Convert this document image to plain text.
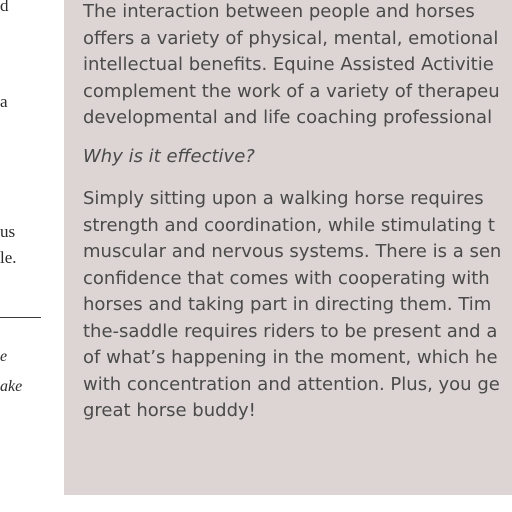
d
a
us
le.
e
ake

The interaction between people and horses

offers a variety of physical, mental, emotional

intellectual benefits. Equine Assisted Activitie

complement the work of a variety of therapeu

developmental and life coaching professional

Why is it effective?

Simply sitting upon a walking horse requires

strength and coordination, while stimulating t

muscular and nervous systems. There is a sen

confidence that comes with cooperating with

horses and taking part in directing them. Tim

the-saddle requires riders to be present and a

of what’s happening in the moment, which he

with concentration and attention. Plus, you ge

great horse buddy!
